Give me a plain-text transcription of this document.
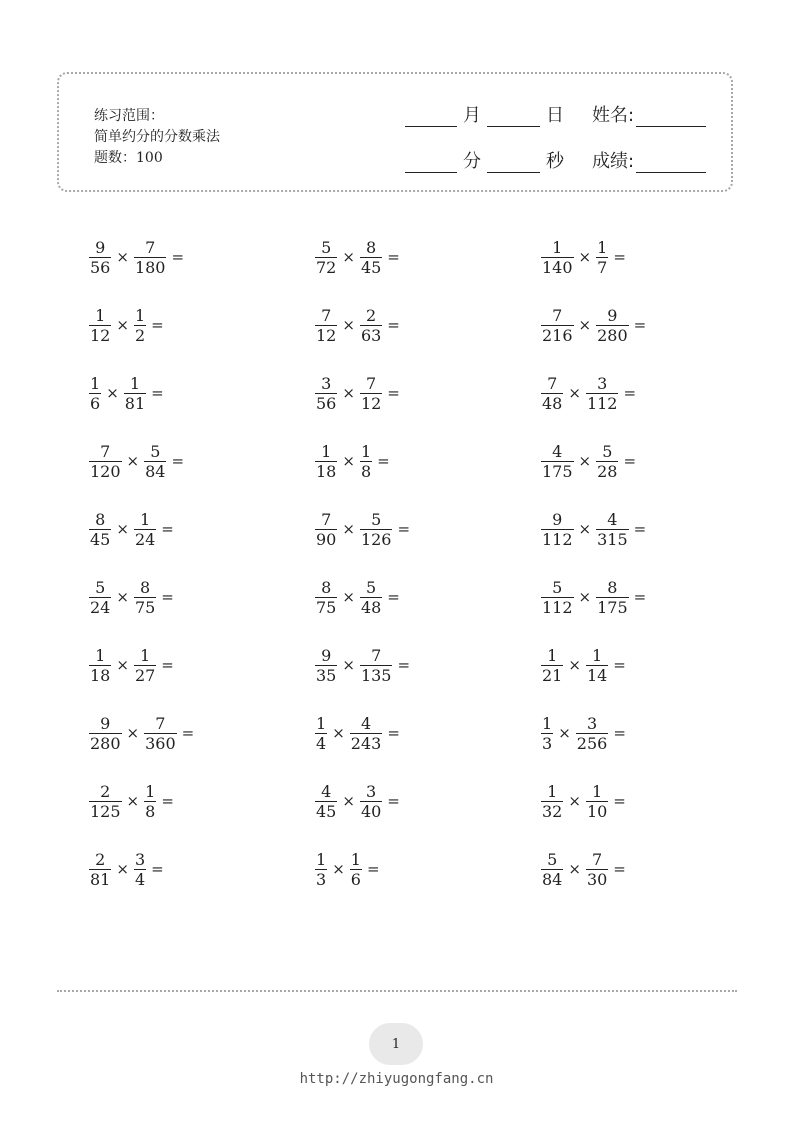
练习范围：
简单约分的分数乘法
题数：100
月	日 姓名:
分	秒 成绩:
$\frac{9}{56} \times \frac{7}{180}$ =	$\frac{5}{72} \times \frac{8}{45}$ =	$\frac{1}{140} \times \frac{1}{7}$ =
$\frac{1}{12} \times \frac{1}{2}$ =	$\frac{7}{12} \times \frac{2}{63}$ =	$\frac{7}{216} \times \frac{9}{280}$ =
$\frac{1}{6} \times \frac{1}{81}$ =	$\frac{3}{56} \times \frac{7}{12}$ =	$\frac{7}{48} \times \frac{3}{112}$ =
$\frac{7}{120} \times \frac{5}{84}$ =	$\frac{1}{18} \times \frac{1}{8}$ =	$\frac{4}{175} \times \frac{5}{28}$ =
$\frac{8}{45} \times \frac{1}{24}$ =	$\frac{7}{90} \times \frac{5}{126}$ =	$\frac{9}{112} \times \frac{4}{315}$ =
$\frac{5}{24} \times \frac{8}{75}$ =	$\frac{8}{75} \times \frac{5}{48}$ =	$\frac{5}{112} \times \frac{8}{175}$ =
$\frac{1}{18} \times \frac{1}{27}$ =	$\frac{9}{35} \times \frac{7}{135}$ =	$\frac{1}{21} \times \frac{1}{14}$ =
$\frac{9}{280} \times \frac{7}{360}$ =	$\frac{1}{4} \times \frac{4}{243}$ =	$\frac{1}{3} \times \frac{3}{256}$ =
$\frac{2}{125} \times \frac{1}{8}$ =	$\frac{4}{45} \times \frac{3}{40}$ =	$\frac{1}{32} \times \frac{1}{10}$ =
$\frac{2}{81} \times \frac{3}{4}$ =	$\frac{1}{3} \times \frac{1}{6}$ =	$\frac{5}{84} \times \frac{7}{30}$ =
1
http://zhiyugongfang.cn
